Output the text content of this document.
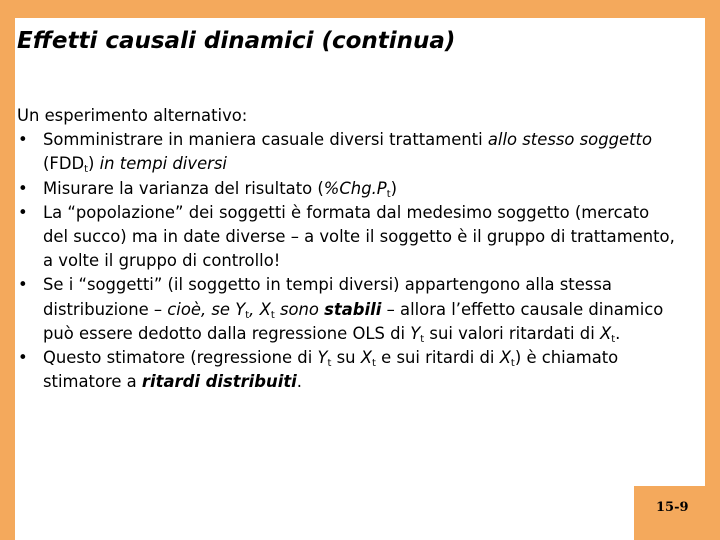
Effetti causali dinamici (continua)

Un esperimento alternativo:

• Somministrare in maniera casuale diversi trattamenti allo stesso soggetto $(FDD_t)$ in tempi diversi
• Misurare la varianza del risultato $(\%Chg.P_t)$
• La “popolazione” dei soggetti è formata dal medesimo soggetto (mercato del succo) ma in date diverse – a volte il soggetto è il gruppo di trattamento, a volte il gruppo di controllo!
• Se i “soggetti” (il soggetto in tempi diversi) appartengono alla stessa distribuzione – cioè, se $Y_t$, $X_t$ sono stabili – allora l’effetto causale dinamico può essere dedotto dalla regressione OLS di $Y_t$ sui valori ritardati di $X_t$.
• Questo stimatore (regressione di $Y_t$ su $X_t$ e sui ritardi di $X_t$) è chiamato stimatore a ritardi distribuiti.
15-9
